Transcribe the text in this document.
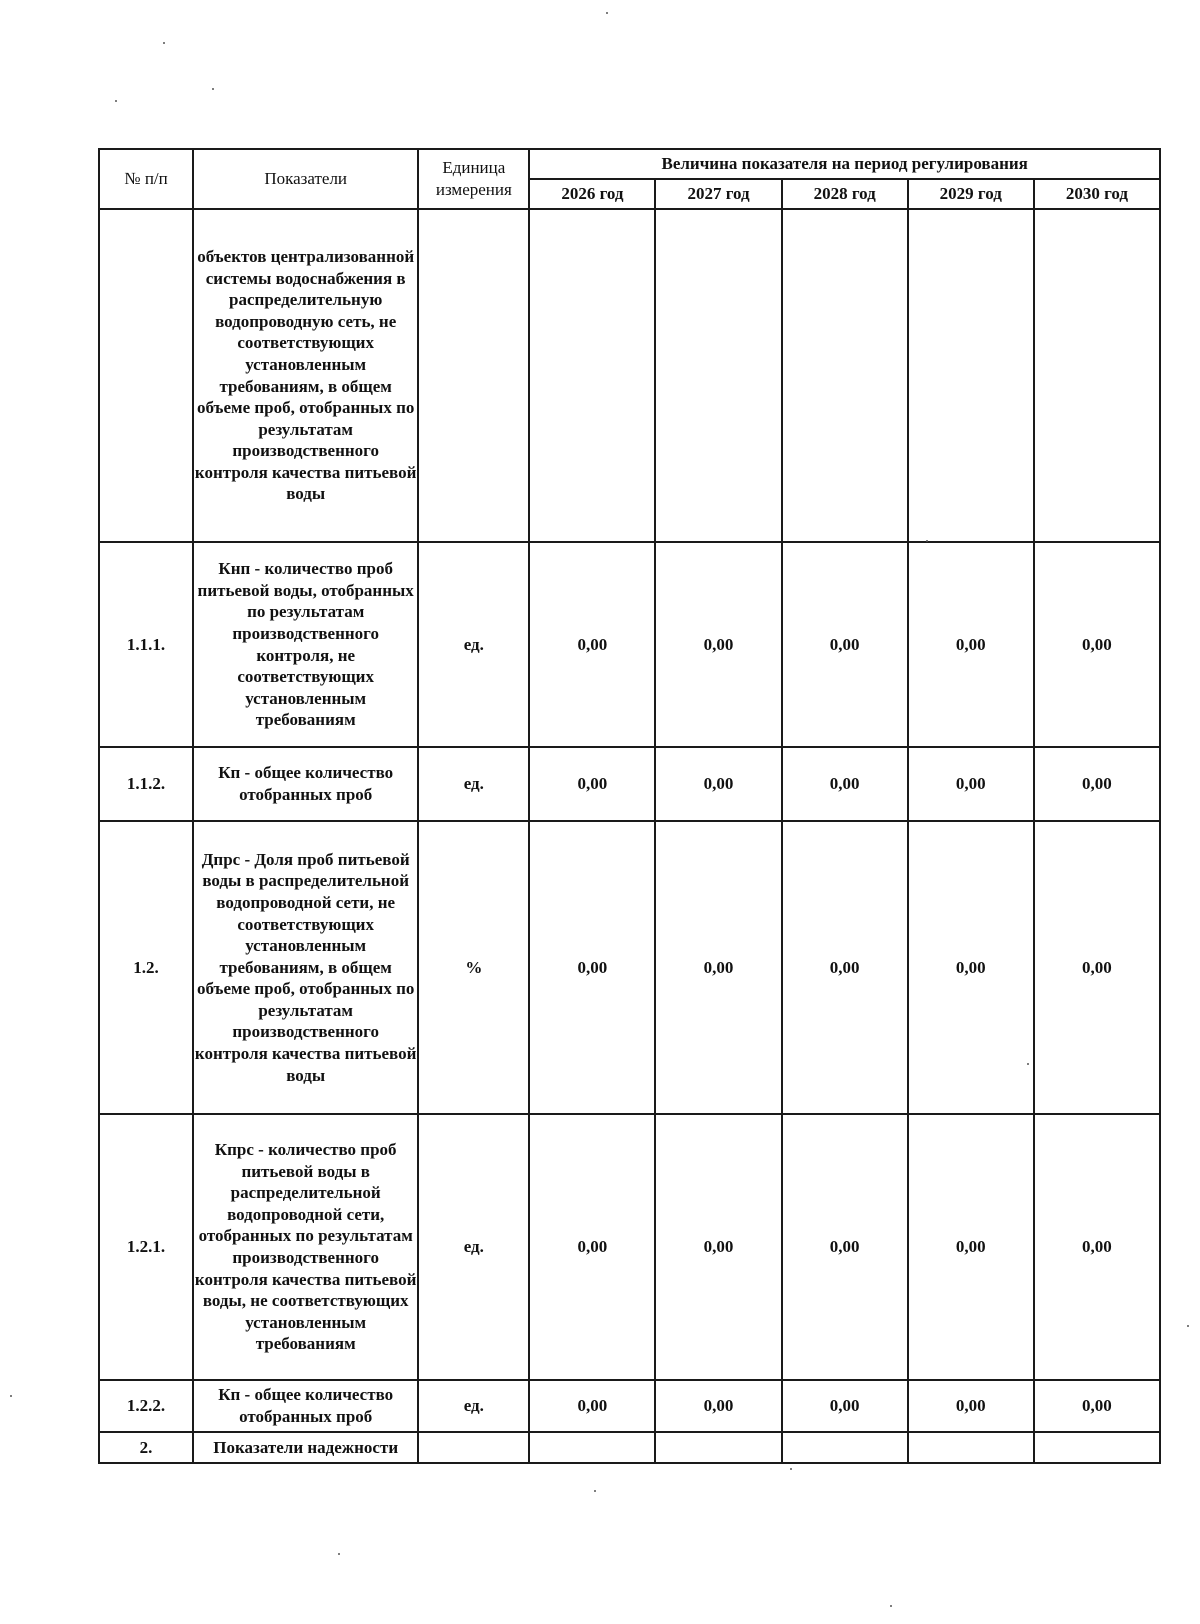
№ п/п	Показатели	Единица измерения	Величина показателя на период регулирования				
			2026 год	2027 год	2028 год	2029 год	2030 год
	объектов централизованной системы водоснабжения в распределительную водопроводную сеть, не соответствующих установленным требованиям, в общем объеме проб, отобранных по результатам производственного контроля качества питьевой воды						
1.1.1.	Кнп - количество проб питьевой воды, отобранных по результатам производственного контроля, не соответствующих установленным требованиям	ед.	0,00	0,00	0,00	0,00	0,00
1.1.2.	Кп - общее количество отобранных проб	ед.	0,00	0,00	0,00	0,00	0,00
1.2.	Дпрс - Доля проб питьевой воды в распределительной водопроводной сети, не соответствующих установленным требованиям, в общем объеме проб, отобранных по результатам производственного контроля качества питьевой воды	%	0,00	0,00	0,00	0,00	0,00
1.2.1.	Кпрс - количество проб питьевой воды в распределительной водопроводной сети, отобранных по результатам производственного контроля качества питьевой воды, не соответствующих установленным требованиям	ед.	0,00	0,00	0,00	0,00	0,00
1.2.2.	Кп - общее количество отобранных проб	ед.	0,00	0,00	0,00	0,00	0,00
2.	Показатели надежности						
